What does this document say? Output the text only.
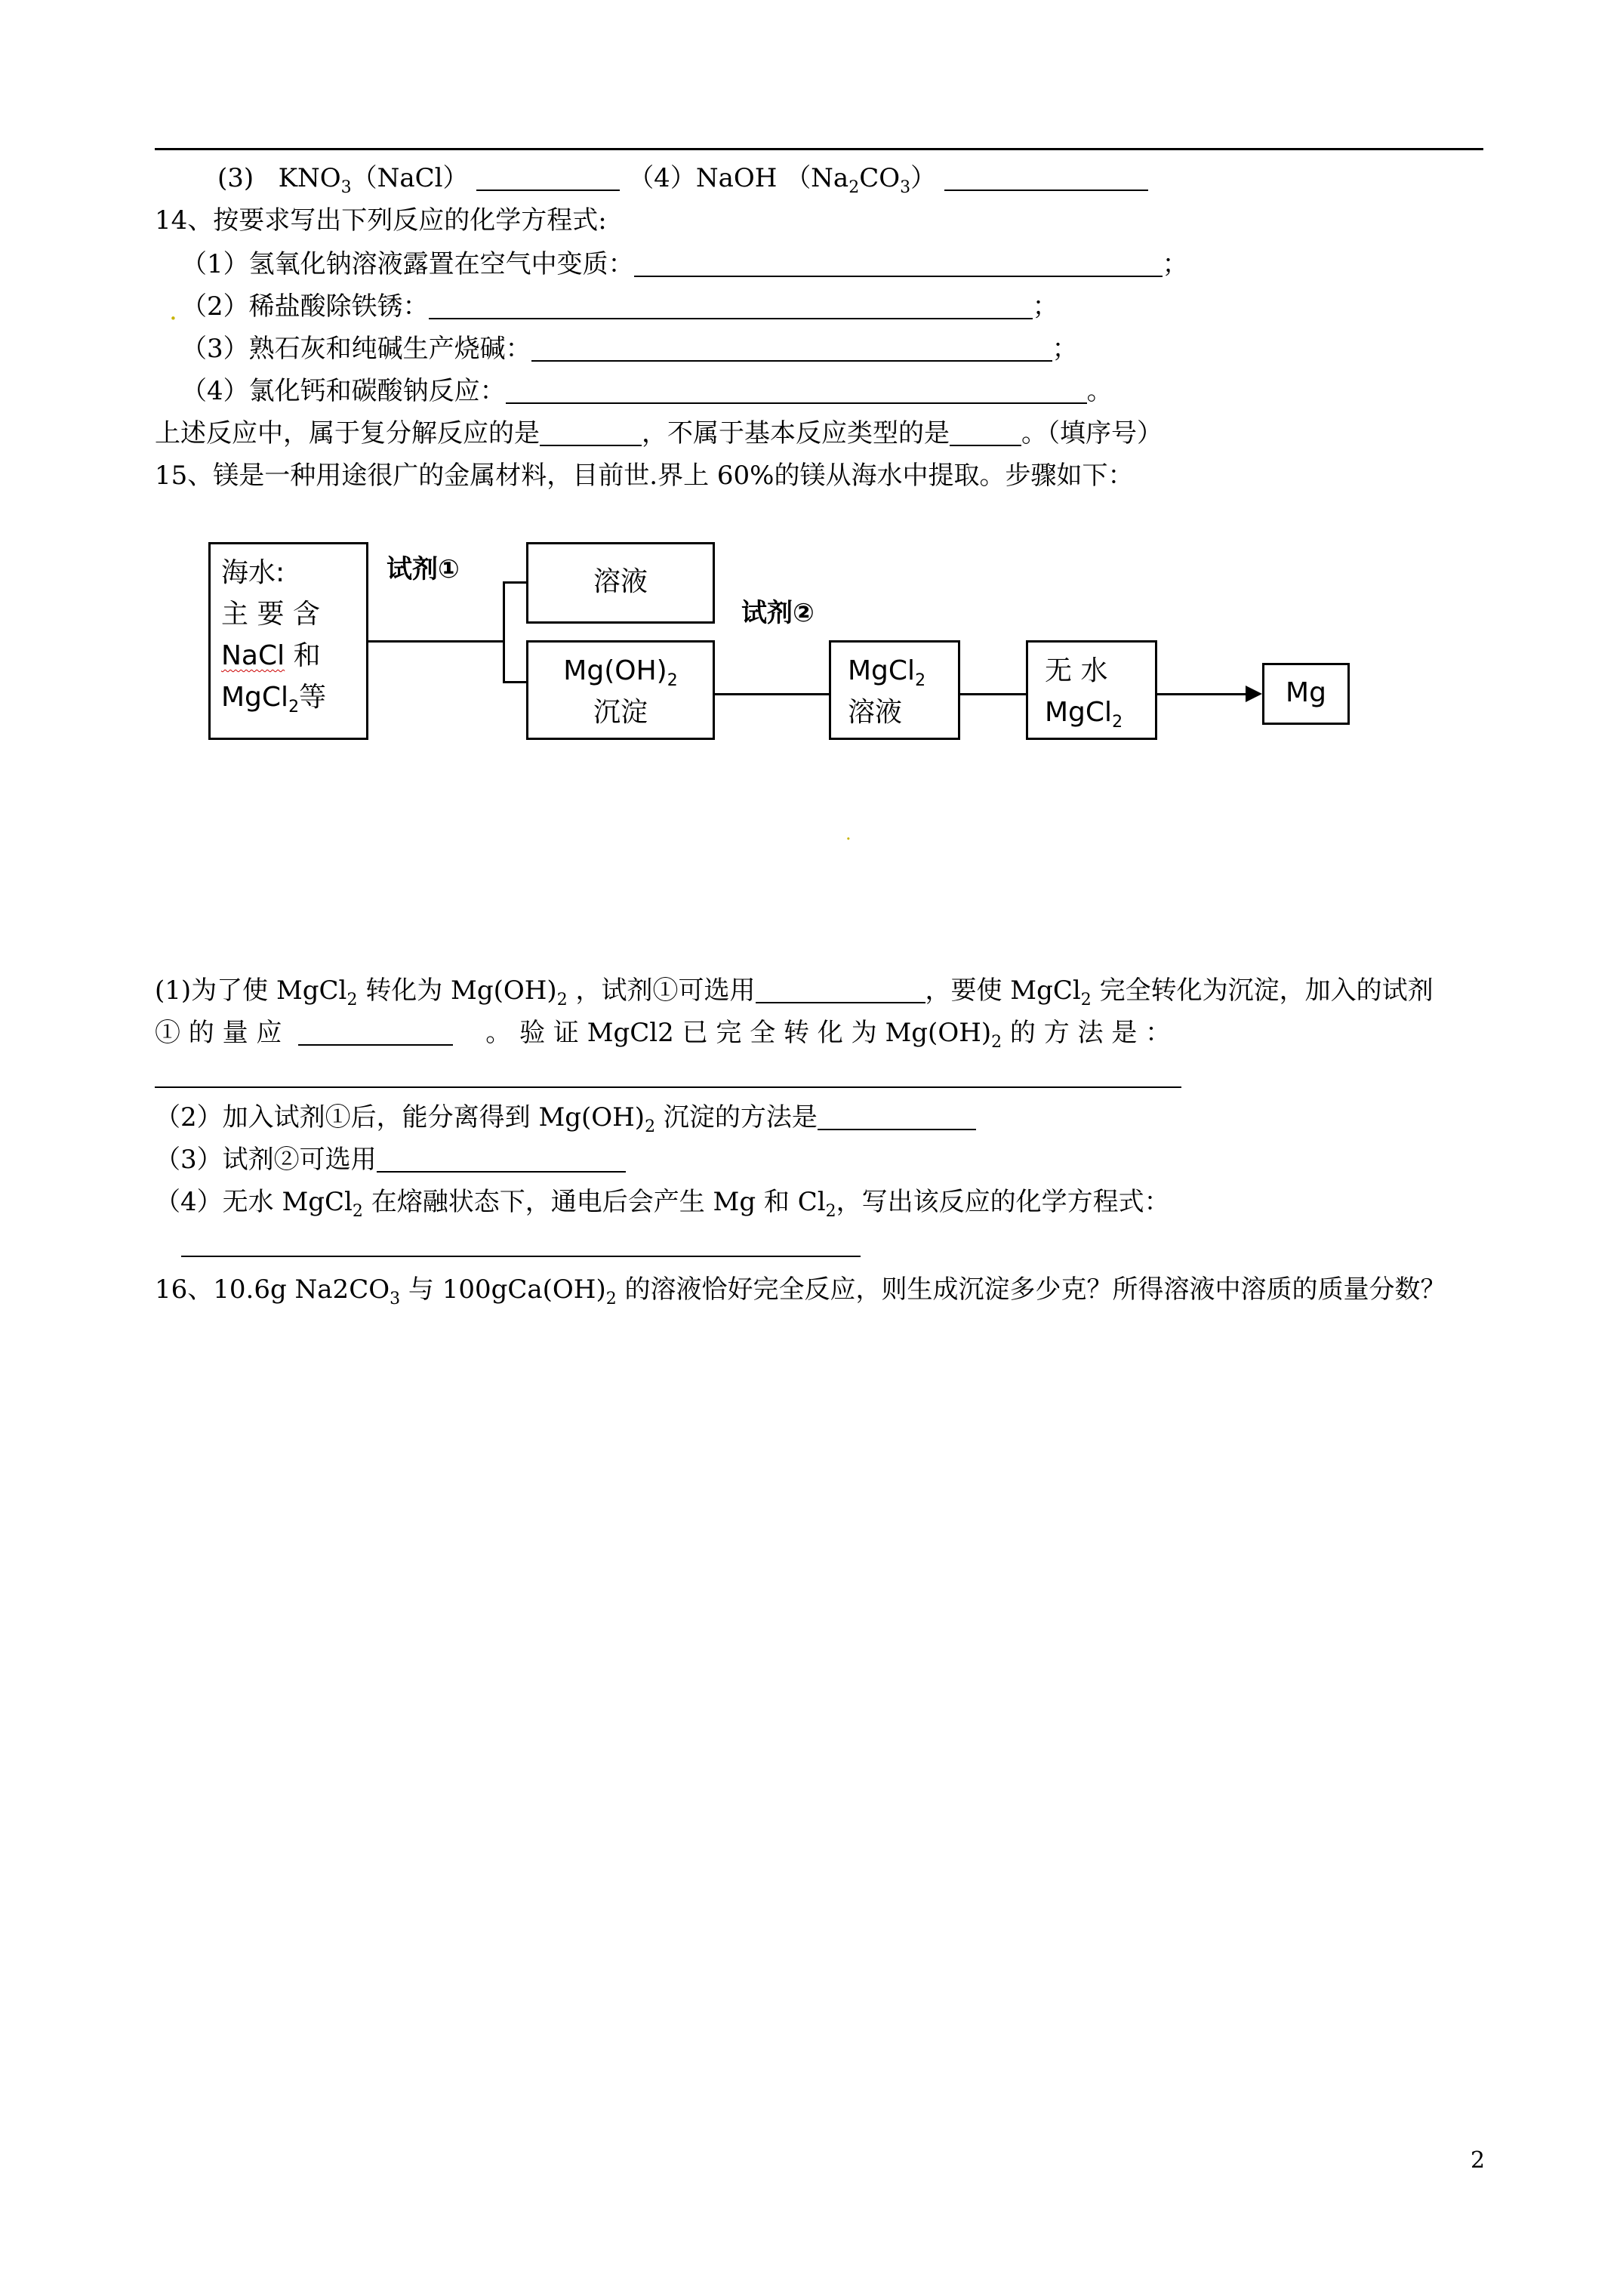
(3) $KNO_3(NaCl)$	（4）NaOH $(Na_2CO_3)$
14、按要求写出下列反应的化学方程式:
（1）氢氧化钠溶液露置在空气中变质：	；
. （2）稀盐酸除铁锈：	；
（3）熟石灰和纯碱生产烧碱：	；
（4）氯化钙和碳酸钠反应：	。
上述反应中，属于复分解反应的是	，不属于基本反应类型的是	。（填序号）
15、镁是一种用途很广的金属材料，目前世.界上 60%的镁从海水中提取。步骤如下：
海水:
主 要 含
NaCl 和
MgCl$_2$等
试剂①	溶液
$Mg(OH)_2$
沉淀
试剂②
MgCl$_2$
溶液
无 水
MgCl$_2$
Mg
.
(1)为了使 MgCl$_2$ 转化为 $Mg(OH)_2$ ，试剂①可选用	，要使 MgCl$_2$ 完全转化为沉淀，加入的试剂
① 的 量 应	。 验 证 MgCl2 已 完 全 转 化 为 $Mg(OH)_2$ 的 方 法 是 ：
（2）加入试剂①后，能分离得到 $Mg(OH)_2$ 沉淀的方法是
（3）试剂②可选用
（4）无水 MgCl$_2$ 在熔融状态下，通电后会产生 Mg 和 $Cl_2$，写出该反应的化学方程式：
16、10.6g $Na2CO_3$ 与 $100gCa(OH)_2$ 的溶液恰好完全反应，则生成沉淀多少克？所得溶液中溶质的质量分数？
2
